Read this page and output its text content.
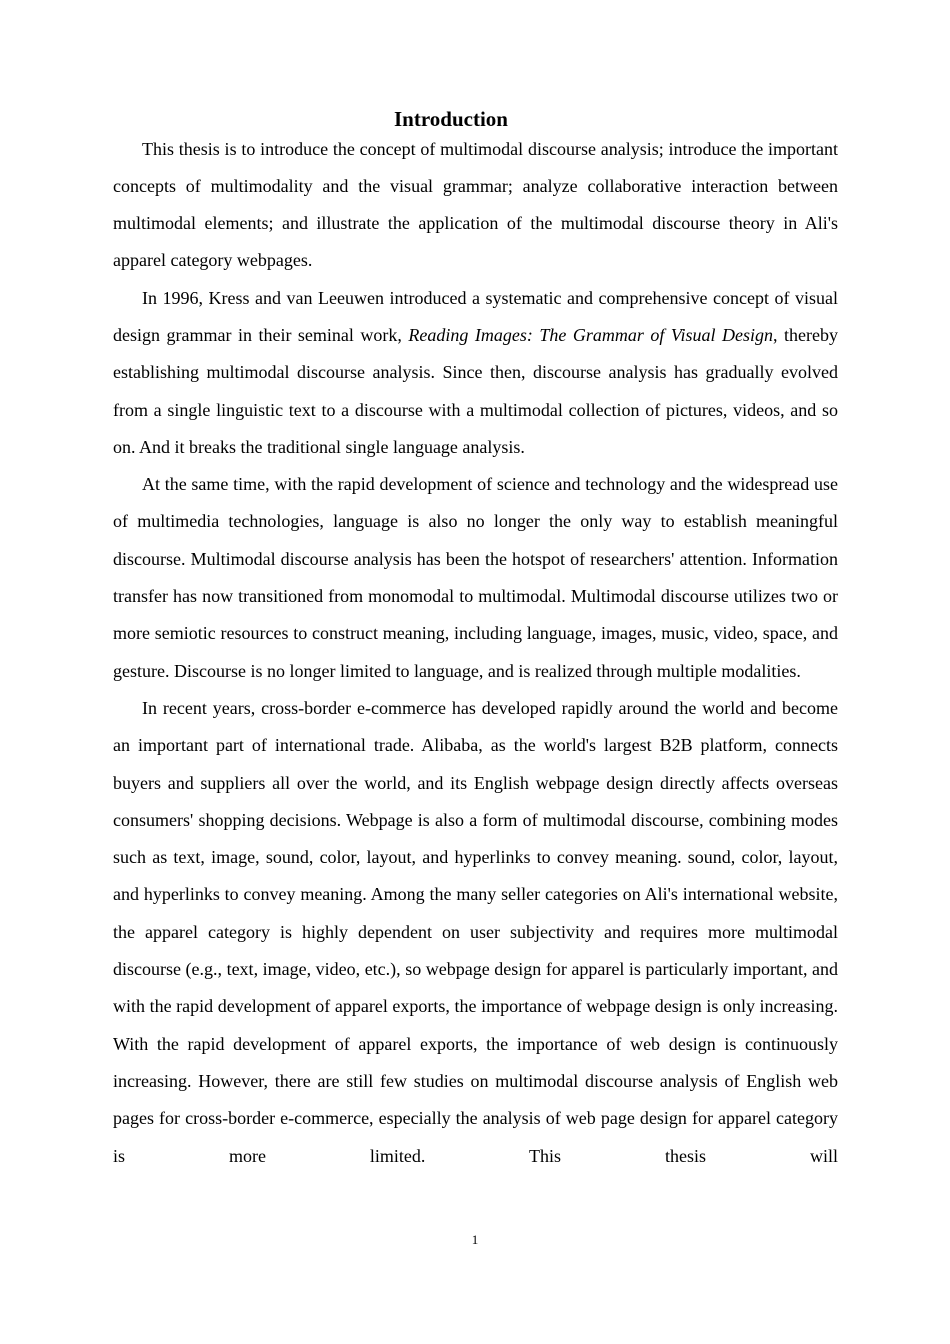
Introduction

This thesis is to introduce the concept of multimodal discourse analysis; introduce the important concepts of multimodality and the visual grammar; analyze collaborative interaction between multimodal elements; and illustrate the application of the multimodal discourse theory in Ali's apparel category webpages.

In 1996, Kress and van Leeuwen introduced a systematic and comprehensive concept of visual design grammar in their seminal work, Reading Images: The Grammar of Visual Design, thereby establishing multimodal discourse analysis. Since then, discourse analysis has gradually evolved from a single linguistic text to a discourse with a multimodal collection of pictures, videos, and so on. And it breaks the traditional single language analysis.

At the same time, with the rapid development of science and technology and the widespread use of multimedia technologies, language is also no longer the only way to establish meaningful discourse. Multimodal discourse analysis has been the hotspot of researchers' attention. Information transfer has now transitioned from monomodal to multimodal. Multimodal discourse utilizes two or more semiotic resources to construct meaning, including language, images, music, video, space, and gesture. Discourse is no longer limited to language, and is realized through multiple modalities.

In recent years, cross-border e-commerce has developed rapidly around the world and become an important part of international trade. Alibaba, as the world's largest B2B platform, connects buyers and suppliers all over the world, and its English webpage design directly affects overseas consumers' shopping decisions. Webpage is also a form of multimodal discourse, combining modes such as text, image, sound, color, layout, and hyperlinks to convey meaning. sound, color, layout, and hyperlinks to convey meaning. Among the many seller categories on Ali's international website, the apparel category is highly dependent on user subjectivity and requires more multimodal discourse (e.g., text, image, video, etc.), so webpage design for apparel is particularly important, and with the rapid development of apparel exports, the importance of webpage design is only increasing. With the rapid development of apparel exports, the importance of web design is continuously increasing. However, there are still few studies on multimodal discourse analysis of English web pages for cross-border e-commerce, especially the analysis of web page design for apparel category is more limited. This thesis will

1
